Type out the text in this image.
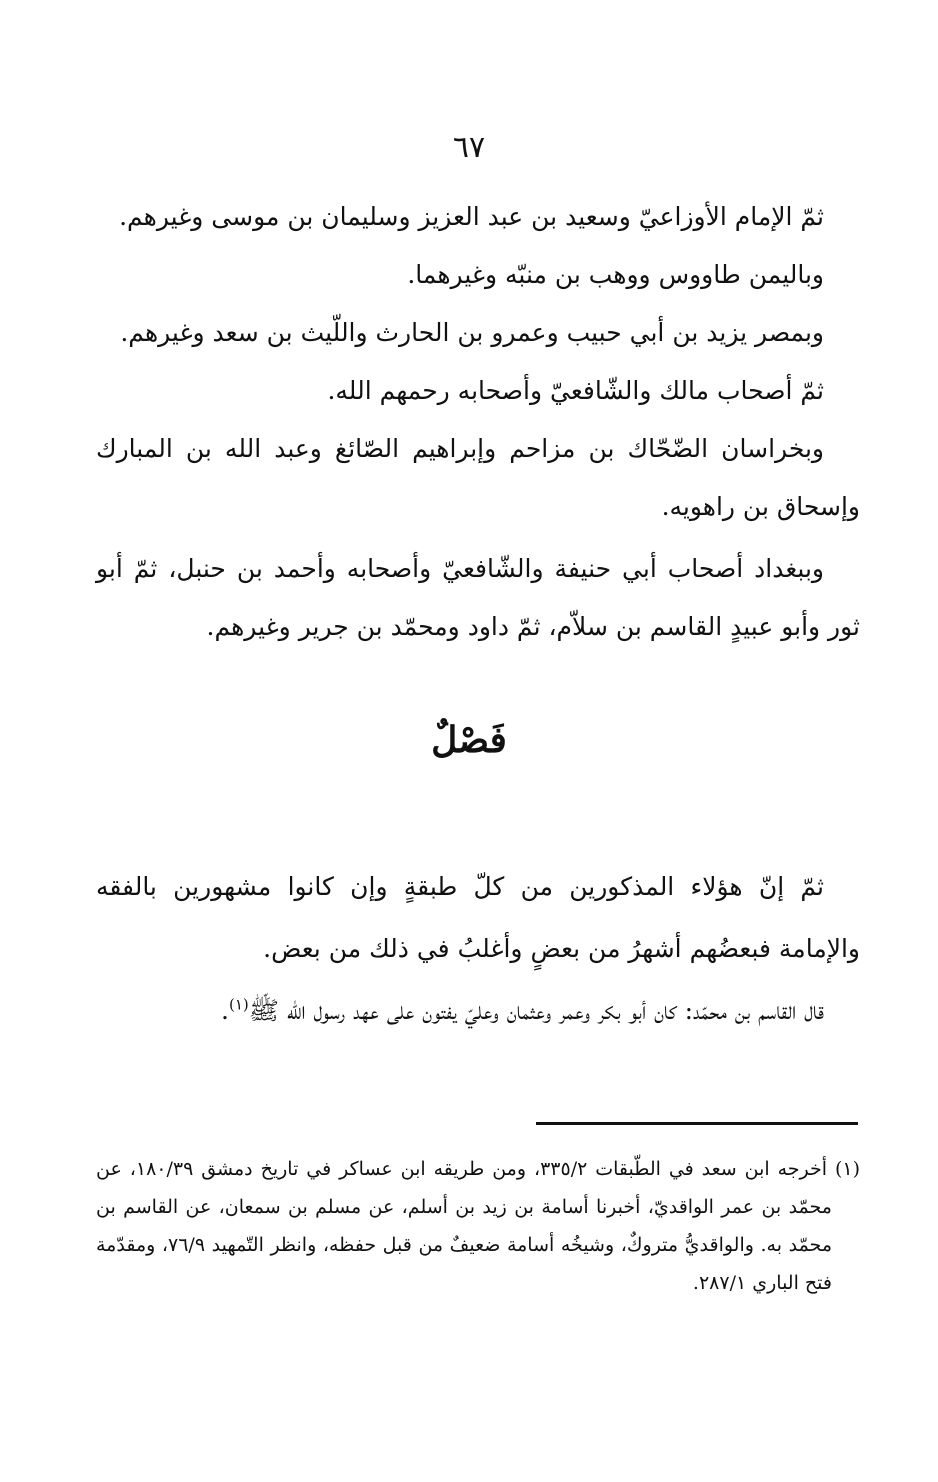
٦٧

ثمّ الإمام الأوزاعيّ وسعيد بن عبد العزيز وسليمان بن موسى وغيرهم.

وباليمن طاووس ووهب بن منبّه وغيرهما.

وبمصر يزيد بن أبي حبيب وعمرو بن الحارث واللّيث بن سعد وغيرهم.

ثمّ أصحاب مالك والشّافعيّ وأصحابه رحمهم الله.

وبخراسان الضّحّاك بن مزاحم وإبراهيم الصّائغ وعبد الله بن المبارك وإسحاق بن راهويه.

وببغداد أصحاب أبي حنيفة والشّافعيّ وأصحابه وأحمد بن حنبل، ثمّ أبو ثور وأبو عبيدٍ القاسم بن سلاّم، ثمّ داود ومحمّد بن جرير وغيرهم.

فَصْلٌ

ثمّ إنّ هؤلاء المذكورين من كلّ طبقةٍ وإن كانوا مشهورين بالفقه والإمامة فبعضُهم أشهرُ من بعضٍ وأغلبُ في ذلك من بعض.

قال القاسم بن محمّد: كان أبو بكر وعمر وعثمان وعليّ يفتون على عهد رسول الله ﷺ$^{(١)}$.

(١) أخرجه ابن سعد في الطّبقات ٣٣٥/٢، ومن طريقه ابن عساكر في تاريخ دمشق ١٨٠/٣٩، عن محمّد بن عمر الواقديّ، أخبرنا أسامة بن زيد بن أسلم، عن مسلم بن سمعان، عن القاسم بن محمّد به. والواقديُّ متروكٌ، وشيخُه أسامة ضعيفٌ من قبل حفظه، وانظر التّمهيد ٧٦/٩، ومقدّمة فتح الباري ٢٨٧/١.
